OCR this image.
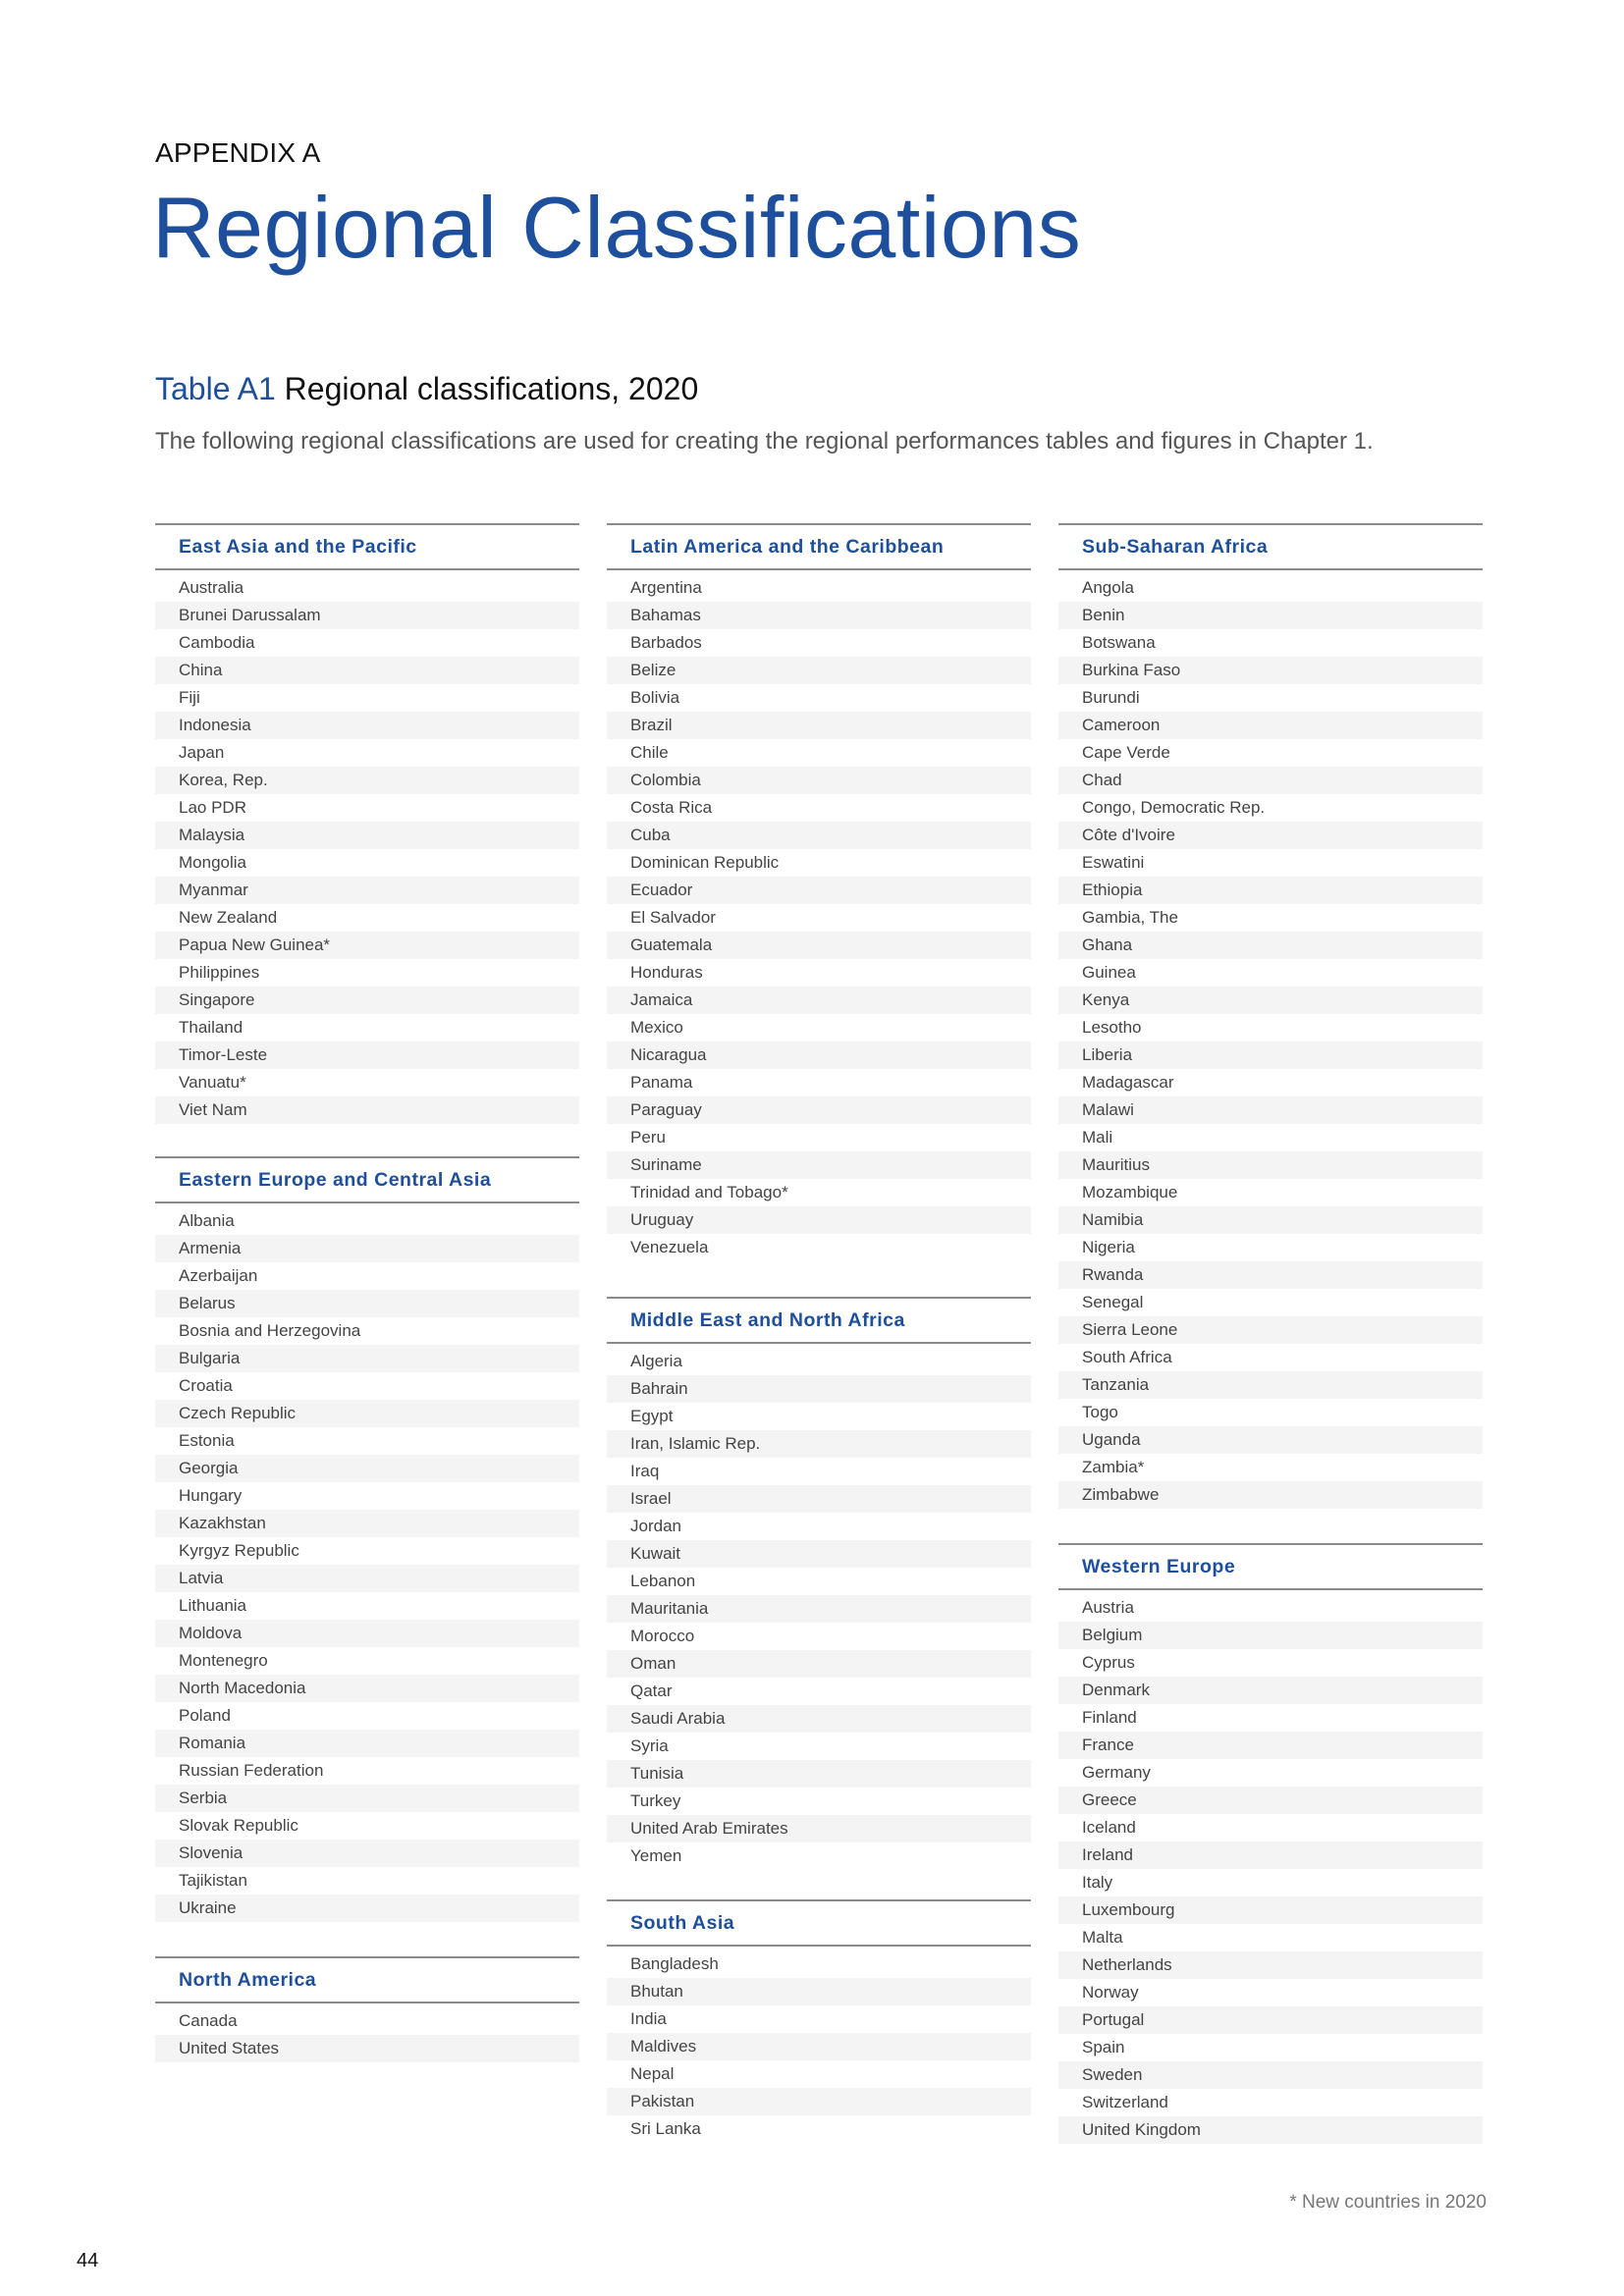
APPENDIX A
Regional Classifications
Table A1 Regional classifications, 2020
The following regional classifications are used for creating the regional performances tables and figures in Chapter 1.
East Asia and the Pacific
Australia
Brunei Darussalam
Cambodia
China
Fiji
Indonesia
Japan
Korea, Rep.
Lao PDR
Malaysia
Mongolia
Myanmar
New Zealand
Papua New Guinea*
Philippines
Singapore
Thailand
Timor-Leste
Vanuatu*
Viet Nam
Eastern Europe and Central Asia
Albania
Armenia
Azerbaijan
Belarus
Bosnia and Herzegovina
Bulgaria
Croatia
Czech Republic
Estonia
Georgia
Hungary
Kazakhstan
Kyrgyz Republic
Latvia
Lithuania
Moldova
Montenegro
North Macedonia
Poland
Romania
Russian Federation
Serbia
Slovak Republic
Slovenia
Tajikistan
Ukraine
North America
Canada
United States
Latin America and the Caribbean
Argentina
Bahamas
Barbados
Belize
Bolivia
Brazil
Chile
Colombia
Costa Rica
Cuba
Dominican Republic
Ecuador
El Salvador
Guatemala
Honduras
Jamaica
Mexico
Nicaragua
Panama
Paraguay
Peru
Suriname
Trinidad and Tobago*
Uruguay
Venezuela
Middle East and North Africa
Algeria
Bahrain
Egypt
Iran, Islamic Rep.
Iraq
Israel
Jordan
Kuwait
Lebanon
Mauritania
Morocco
Oman
Qatar
Saudi Arabia
Syria
Tunisia
Turkey
United Arab Emirates
Yemen
South Asia
Bangladesh
Bhutan
India
Maldives
Nepal
Pakistan
Sri Lanka
Sub-Saharan Africa
Angola
Benin
Botswana
Burkina Faso
Burundi
Cameroon
Cape Verde
Chad
Congo, Democratic Rep.
Côte d'Ivoire
Eswatini
Ethiopia
Gambia, The
Ghana
Guinea
Kenya
Lesotho
Liberia
Madagascar
Malawi
Mali
Mauritius
Mozambique
Namibia
Nigeria
Rwanda
Senegal
Sierra Leone
South Africa
Tanzania
Togo
Uganda
Zambia*
Zimbabwe
Western Europe
Austria
Belgium
Cyprus
Denmark
Finland
France
Germany
Greece
Iceland
Ireland
Italy
Luxembourg
Malta
Netherlands
Norway
Portugal
Spain
Sweden
Switzerland
United Kingdom
* New countries in 2020
44
